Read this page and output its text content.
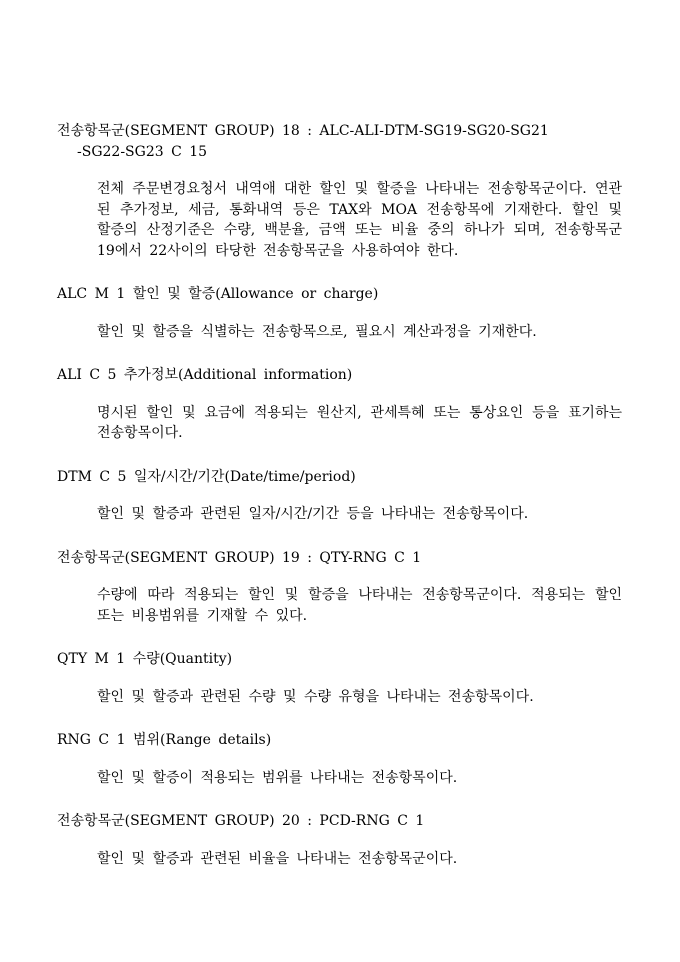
전송항목군(SEGMENT GROUP) 18 : ALC-ALI-DTM-SG19-SG20-SG21
-SG22-SG23 C 15

전체 주문변경요청서 내역애 대한 할인 및 할증을 나타내는 전송항목군이다. 연관된 추가정보, 세금, 통화내역 등은 TAX와 MOA 전송항목에 기재한다. 할인 및 할증의 산정기준은 수량, 백분율, 금액 또는 비율 중의 하나가 되며, 전송항목군 19에서 22사이의 타당한 전송항목군을 사용하여야 한다.

ALC M 1 할인 및 할증(Allowance or charge)

할인 및 할증을 식별하는 전송항목으로, 필요시 계산과정을 기재한다.

ALI C 5 추가정보(Additional information)

명시된 할인 및 요금에 적용되는 원산지, 관세특혜 또는 통상요인 등을 표기하는 전송항목이다.

DTM C 5 일자/시간/기간(Date/time/period)

할인 및 할증과 관련된 일자/시간/기간 등을 나타내는 전송항목이다.

전송항목군(SEGMENT GROUP) 19 : QTY-RNG C 1

수량에 따라 적용되는 할인 및 할증을 나타내는 전송항목군이다. 적용되는 할인 또는 비용범위를 기재할 수 있다.

QTY M 1 수량(Quantity)

할인 및 할증과 관련된 수량 및 수량 유형을 나타내는 전송항목이다.

RNG C 1 범위(Range details)

할인 및 할증이 적용되는 범위를 나타내는 전송항목이다.

전송항목군(SEGMENT GROUP) 20 : PCD-RNG C 1

할인 및 할증과 관련된 비율을 나타내는 전송항목군이다.
